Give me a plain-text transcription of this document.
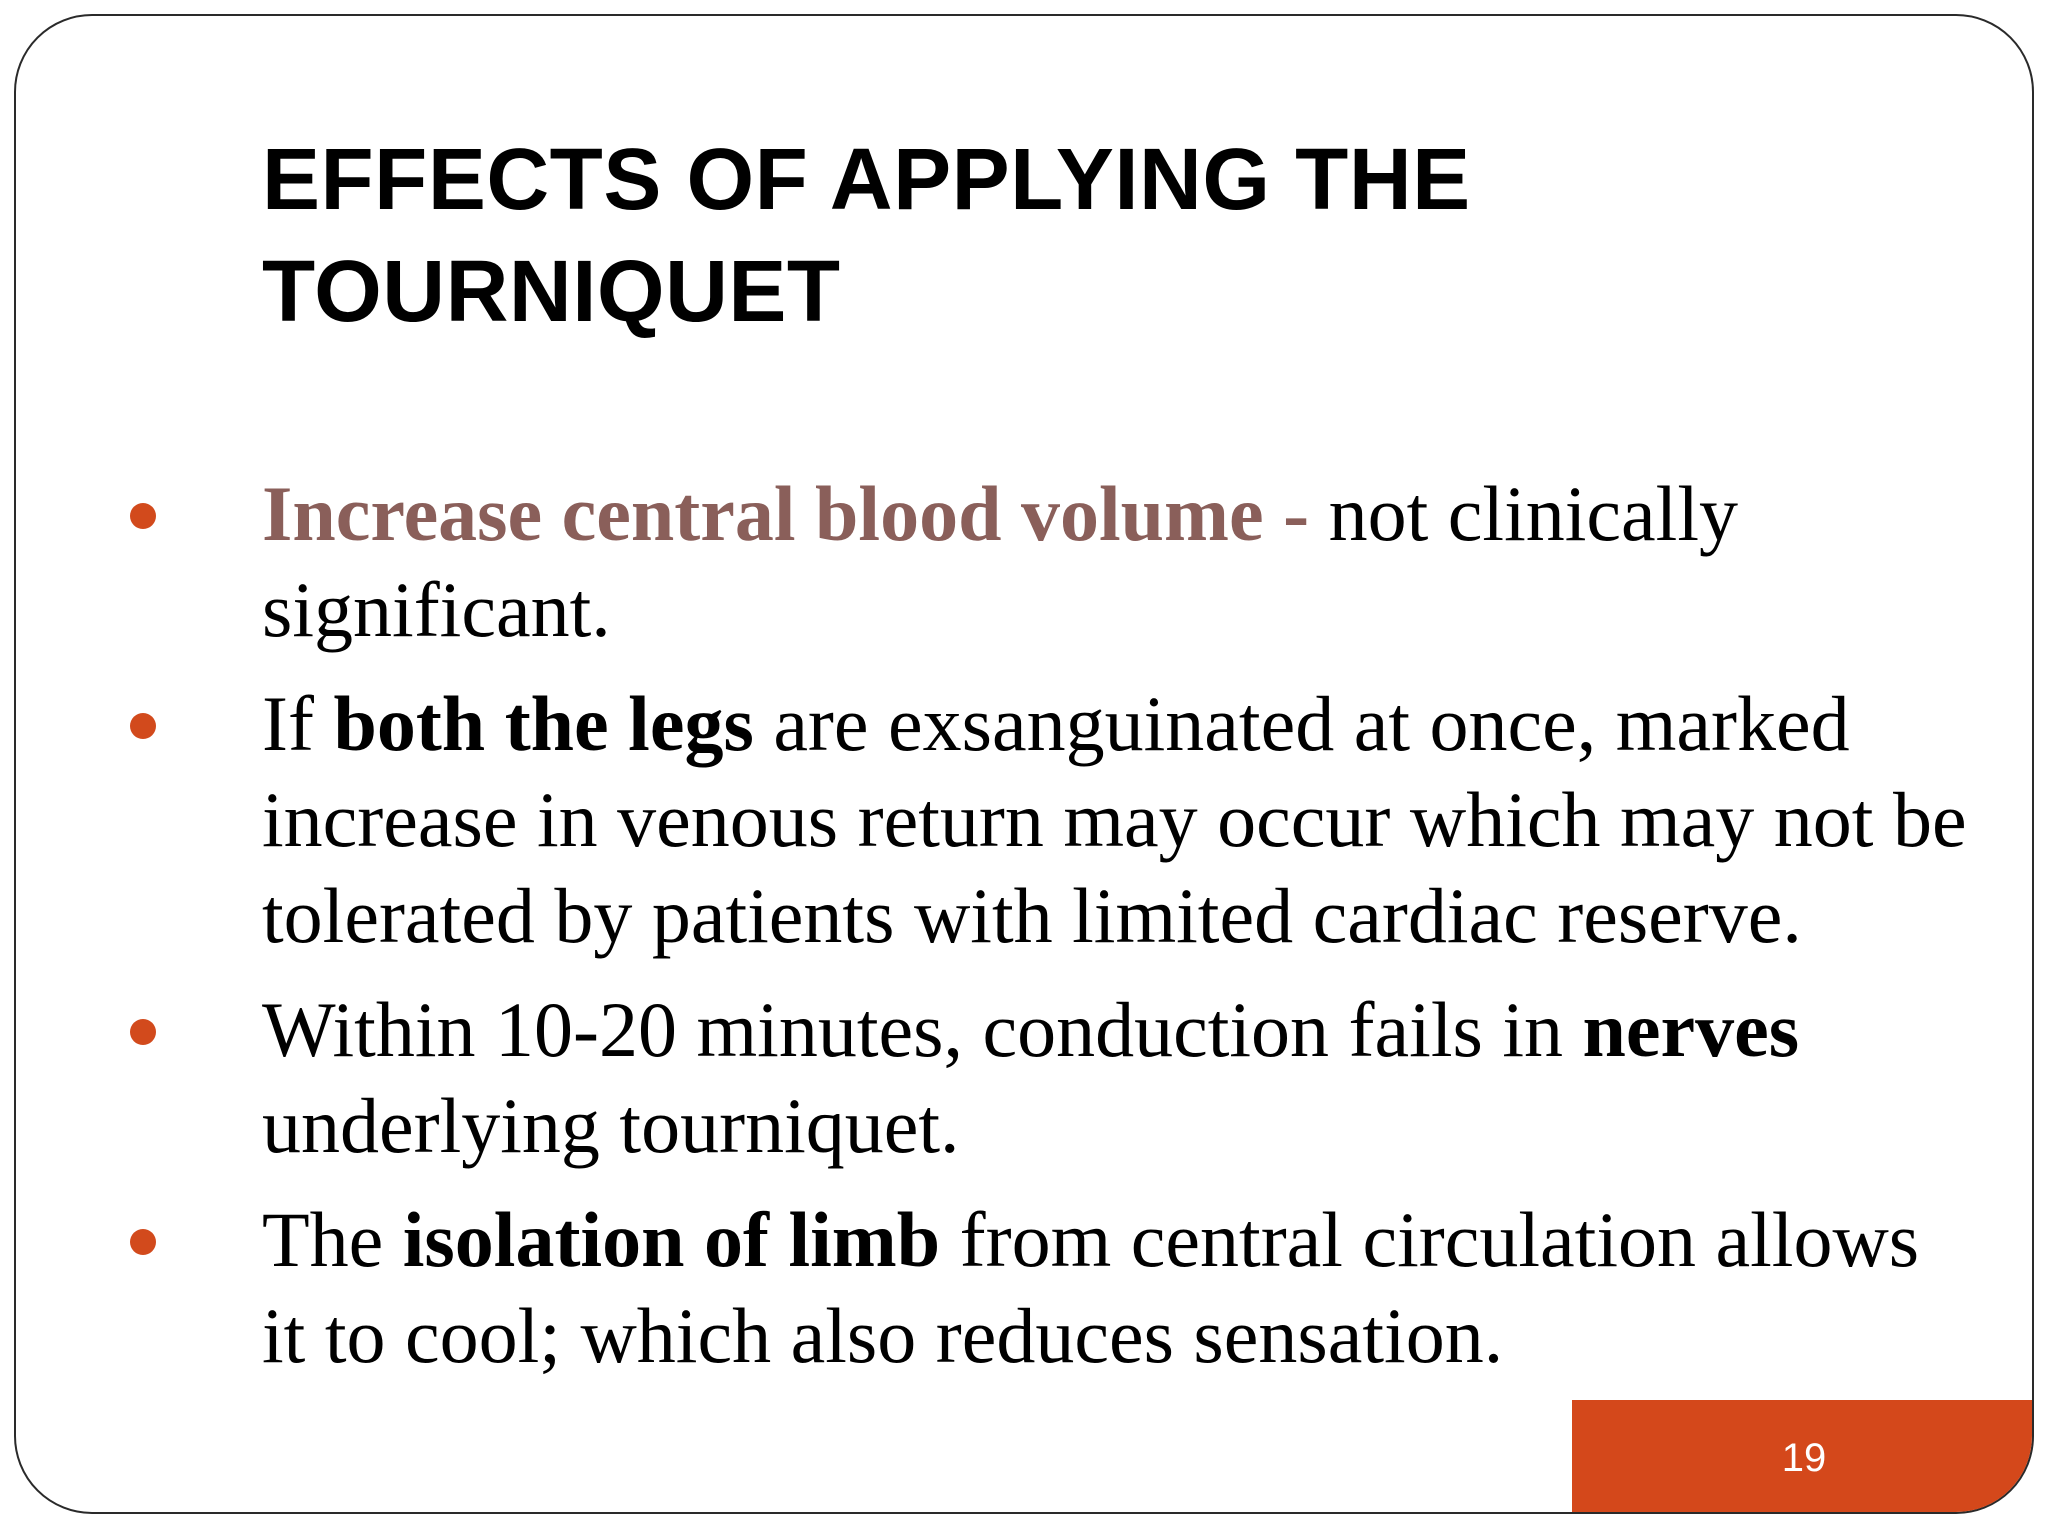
EFFECTS OF APPLYING THE TOURNIQUET
Increase central blood volume - not clinically significant.
If both the legs are exsanguinated at once, marked increase in venous return may occur which may not be tolerated by patients with limited cardiac reserve.
Within 10-20 minutes, conduction fails in nerves underlying tourniquet.
The isolation of limb from central circulation allows it to cool; which also reduces sensation.
19
